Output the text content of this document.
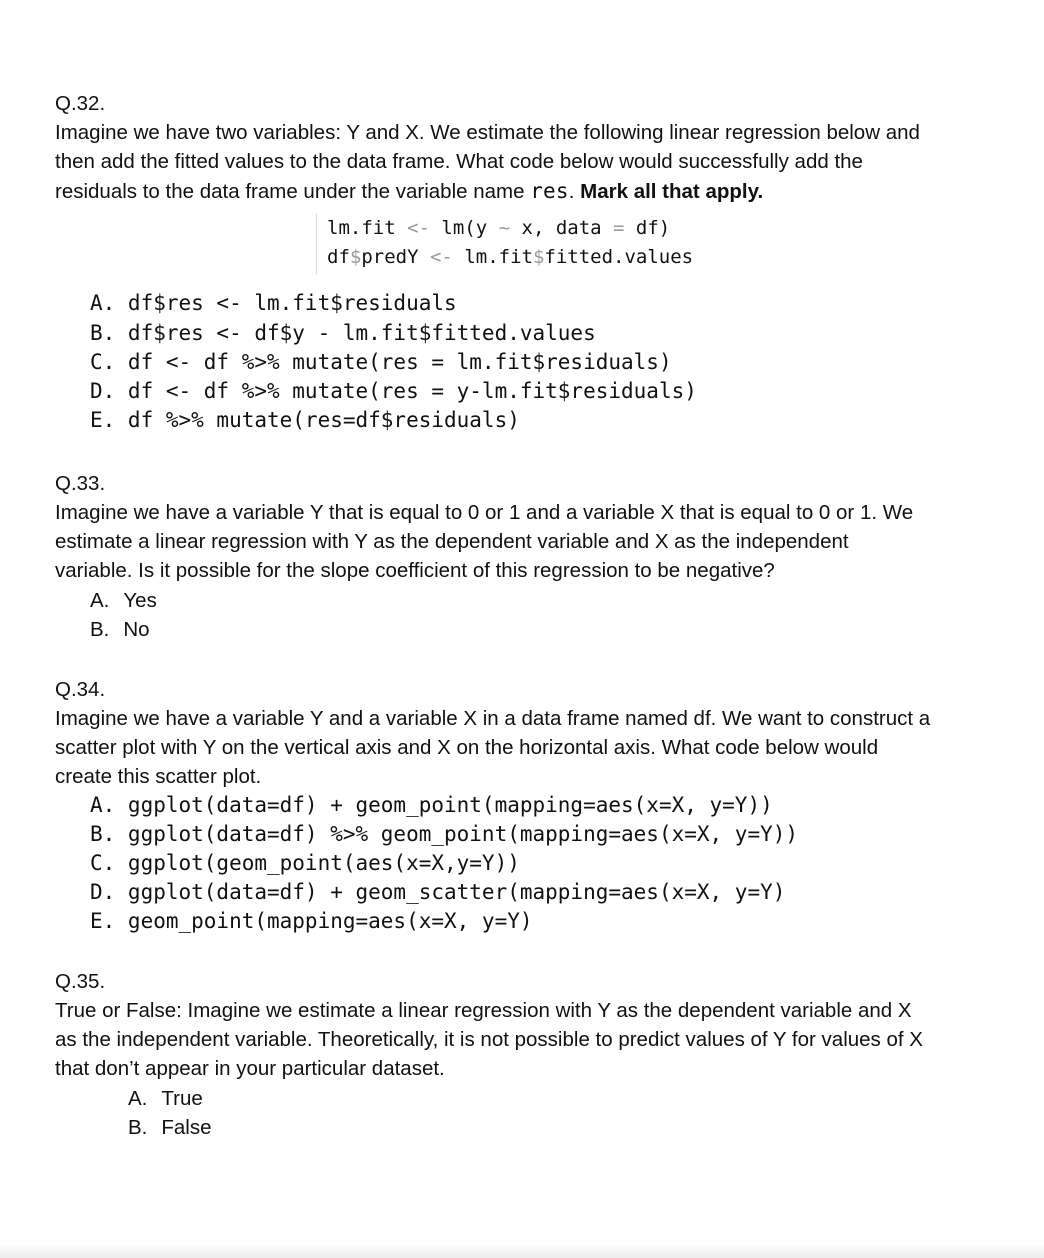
Q.32.
Imagine we have two variables: Y and X. We estimate the following linear regression below and
then add the fitted values to the data frame. What code below would successfully add the
residuals to the data frame under the variable name res. Mark all that apply.
lm.fit <- lm(y ~ x, data = df)
df$predY <- lm.fit$fitted.values
A. df$res <- lm.fit$residuals
B. df$res <- df$y - lm.fit$fitted.values
C. df <- df %>% mutate(res = lm.fit$residuals)
D. df <- df %>% mutate(res = y-lm.fit$residuals)
E. df %>% mutate(res=df$residuals)
Q.33.
Imagine we have a variable Y that is equal to 0 or 1 and a variable X that is equal to 0 or 1. We
estimate a linear regression with Y as the dependent variable and X as the independent
variable. Is it possible for the slope coefficient of this regression to be negative?
A. Yes
B. No
Q.34.
Imagine we have a variable Y and a variable X in a data frame named df. We want to construct a
scatter plot with Y on the vertical axis and X on the horizontal axis. What code below would
create this scatter plot.
A. ggplot(data=df) + geom_point(mapping=aes(x=X, y=Y))
B. ggplot(data=df) %>% geom_point(mapping=aes(x=X, y=Y))
C. ggplot(geom_point(aes(x=X,y=Y))
D. ggplot(data=df) + geom_scatter(mapping=aes(x=X, y=Y)
E. geom_point(mapping=aes(x=X, y=Y)
Q.35.
True or False: Imagine we estimate a linear regression with Y as the dependent variable and X
as the independent variable. Theoretically, it is not possible to predict values of Y for values of X
that don’t appear in your particular dataset.
A. True
B. False
